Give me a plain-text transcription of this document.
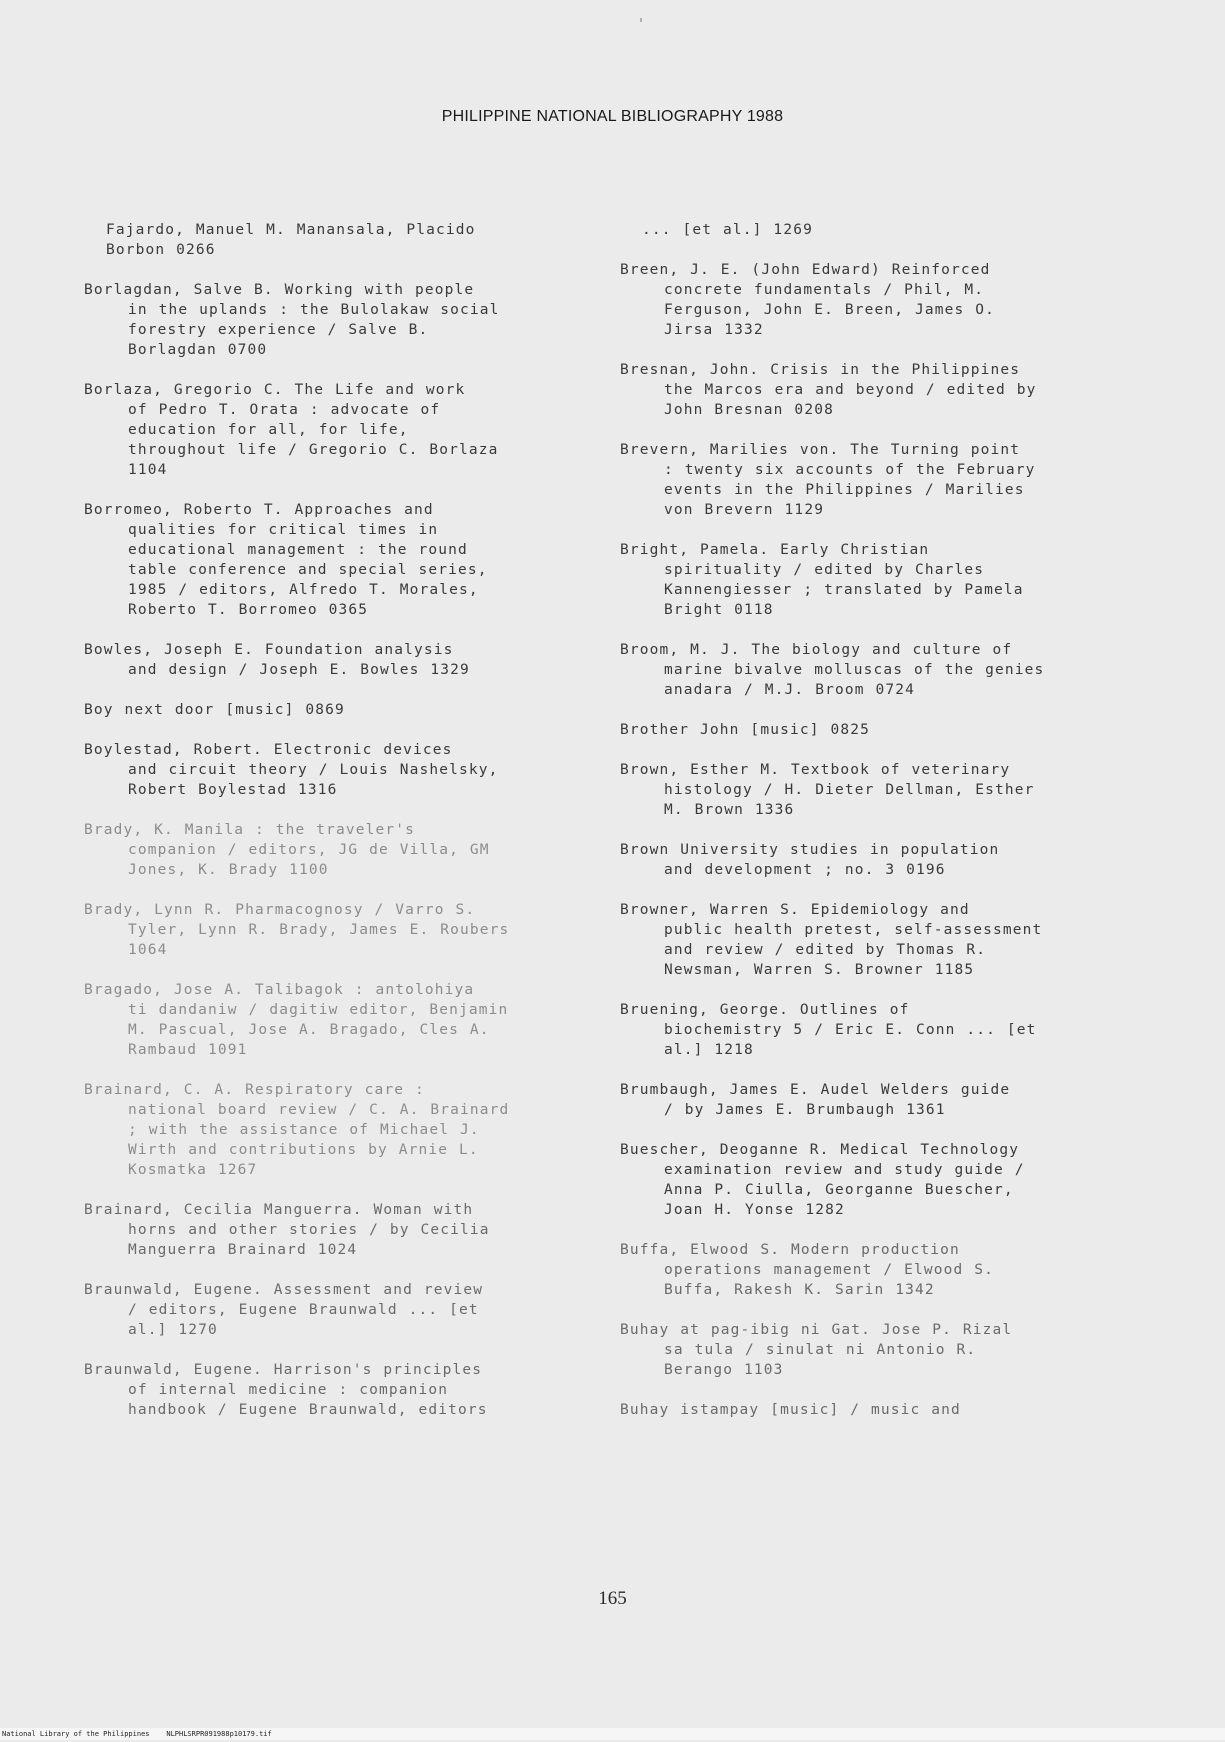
PHILIPPINE NATIONAL BIBLIOGRAPHY 1988
Fajardo, Manuel M. Manansala, Placido
Borbon 0266
Borlagdan, Salve B. Working with people
in the uplands : the Bulolakaw social
forestry experience / Salve B.
Borlagdan 0700
Borlaza, Gregorio C. The Life and work
of Pedro T. Orata : advocate of
education for all, for life,
throughout life / Gregorio C. Borlaza
1104
Borromeo, Roberto T. Approaches and
qualities for critical times in
educational management : the round
table conference and special series,
1985 / editors, Alfredo T. Morales,
Roberto T. Borromeo 0365
Bowles, Joseph E. Foundation analysis
and design / Joseph E. Bowles 1329
Boy next door [music] 0869
Boylestad, Robert. Electronic devices
and circuit theory / Louis Nashelsky,
Robert Boylestad 1316
Brady, K. Manila : the traveler's
companion / editors, JG de Villa, GM
Jones, K. Brady 1100
Brady, Lynn R. Pharmacognosy / Varro S.
Tyler, Lynn R. Brady, James E. Roubers
1064
Bragado, Jose A. Talibagok : antolohiya
ti dandaniw / dagitiw editor, Benjamin
M. Pascual, Jose A. Bragado, Cles A.
Rambaud 1091
Brainard, C. A. Respiratory care :
national board review / C. A. Brainard
; with the assistance of Michael J.
Wirth and contributions by Arnie L.
Kosmatka 1267
Brainard, Cecilia Manguerra. Woman with
horns and other stories / by Cecilia
Manguerra Brainard 1024
Braunwald, Eugene. Assessment and review
/ editors, Eugene Braunwald ... [et
al.] 1270
Braunwald, Eugene. Harrison's principles
of internal medicine : companion
handbook / Eugene Braunwald, editors
... [et al.] 1269
Breen, J. E. (John Edward) Reinforced
concrete fundamentals / Phil, M.
Ferguson, John E. Breen, James O.
Jirsa 1332
Bresnan, John. Crisis in the Philippines
the Marcos era and beyond / edited by
John Bresnan 0208
Brevern, Marilies von. The Turning point
: twenty six accounts of the February
events in the Philippines / Marilies
von Brevern 1129
Bright, Pamela. Early Christian
spirituality / edited by Charles
Kannengiesser ; translated by Pamela
Bright 0118
Broom, M. J. The biology and culture of
marine bivalve molluscas of the genies
anadara / M.J. Broom 0724
Brother John [music] 0825
Brown, Esther M. Textbook of veterinary
histology / H. Dieter Dellman, Esther
M. Brown 1336
Brown University studies in population
and development ; no. 3 0196
Browner, Warren S. Epidemiology and
public health pretest, self-assessment
and review / edited by Thomas R.
Newsman, Warren S. Browner 1185
Bruening, George. Outlines of
biochemistry 5 / Eric E. Conn ... [et
al.] 1218
Brumbaugh, James E. Audel Welders guide
/ by James E. Brumbaugh 1361
Buescher, Deoganne R. Medical Technology
examination review and study guide /
Anna P. Ciulla, Georganne Buescher,
Joan H. Yonse 1282
Buffa, Elwood S. Modern production
operations management / Elwood S.
Buffa, Rakesh K. Sarin 1342
Buhay at pag-ibig ni Gat. Jose P. Rizal
sa tula / sinulat ni Antonio R.
Berango 1103
Buhay istampay [music] / music and
165
National Library of the Philippines    NLPHLSRPR091988p10179.tif
